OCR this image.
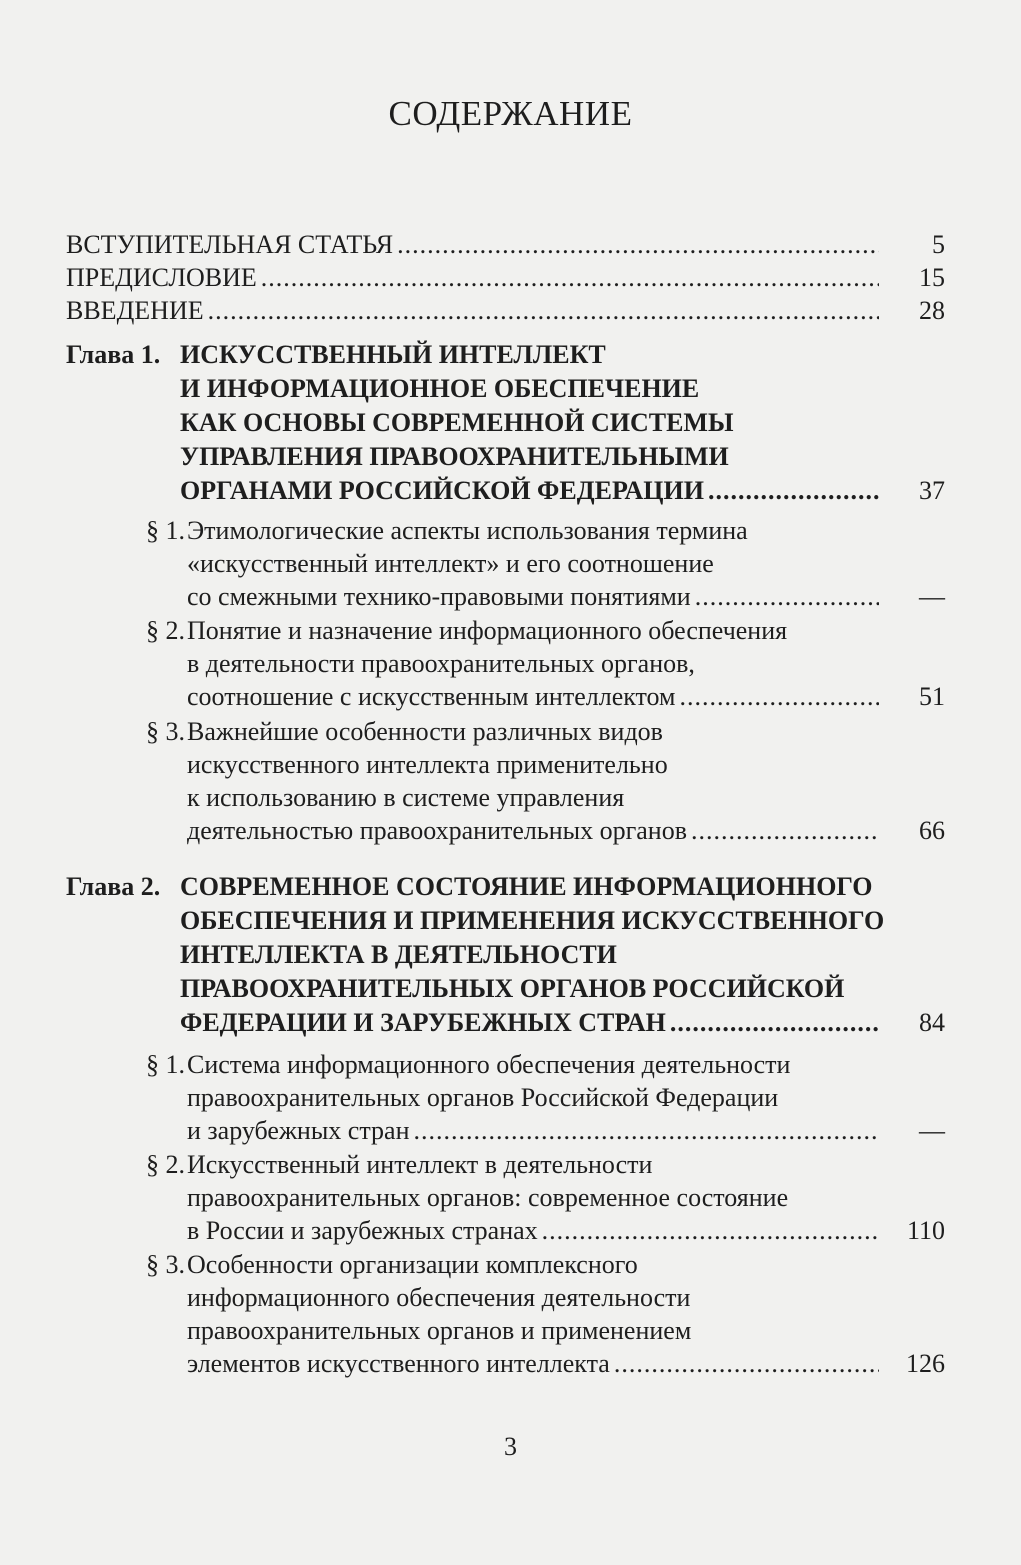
СОДЕРЖАНИЕ
ВСТУПИТЕЛЬНАЯ СТАТЬЯ .....	5
ПРЕДИСЛОВИЕ .....	15
ВВЕДЕНИЕ .....	28
Глава 1. ИСКУССТВЕННЫЙ ИНТЕЛЛЕКТ
И ИНФОРМАЦИОННОЕ ОБЕСПЕЧЕНИЕ
КАК ОСНОВЫ СОВРЕМЕННОЙ СИСТЕМЫ
УПРАВЛЕНИЯ ПРАВООХРАНИТЕЛЬНЫМИ
ОРГАНАМИ РОССИЙСКОЙ ФЕДЕРАЦИИ .....	37
§ 1. Этимологические аспекты использования термина
«искусственный интеллект» и его соотношение
со смежными технико-правовыми понятиями .....	—
§ 2. Понятие и назначение информационного обеспечения
в деятельности правоохранительных органов,
соотношение с искусственным интеллектом .....	51
§ 3. Важнейшие особенности различных видов
искусственного интеллекта применительно
к использованию в системе управления
деятельностью правоохранительных органов .....	66
Глава 2. СОВРЕМЕННОЕ СОСТОЯНИЕ ИНФОРМАЦИОННОГО
ОБЕСПЕЧЕНИЯ И ПРИМЕНЕНИЯ ИСКУССТВЕННОГО
ИНТЕЛЛЕКТА В ДЕЯТЕЛЬНОСТИ
ПРАВООХРАНИТЕЛЬНЫХ ОРГАНОВ РОССИЙСКОЙ
ФЕДЕРАЦИИ И ЗАРУБЕЖНЫХ СТРАН .....	84
§ 1. Система информационного обеспечения деятельности
правоохранительных органов Российской Федерации
и зарубежных стран .....	—
§ 2. Искусственный интеллект в деятельности
правоохранительных органов: современное состояние
в России и зарубежных странах .....	110
§ 3. Особенности организации комплексного
информационного обеспечения деятельности
правоохранительных органов и применением
элементов искусственного интеллекта .....	126
3
